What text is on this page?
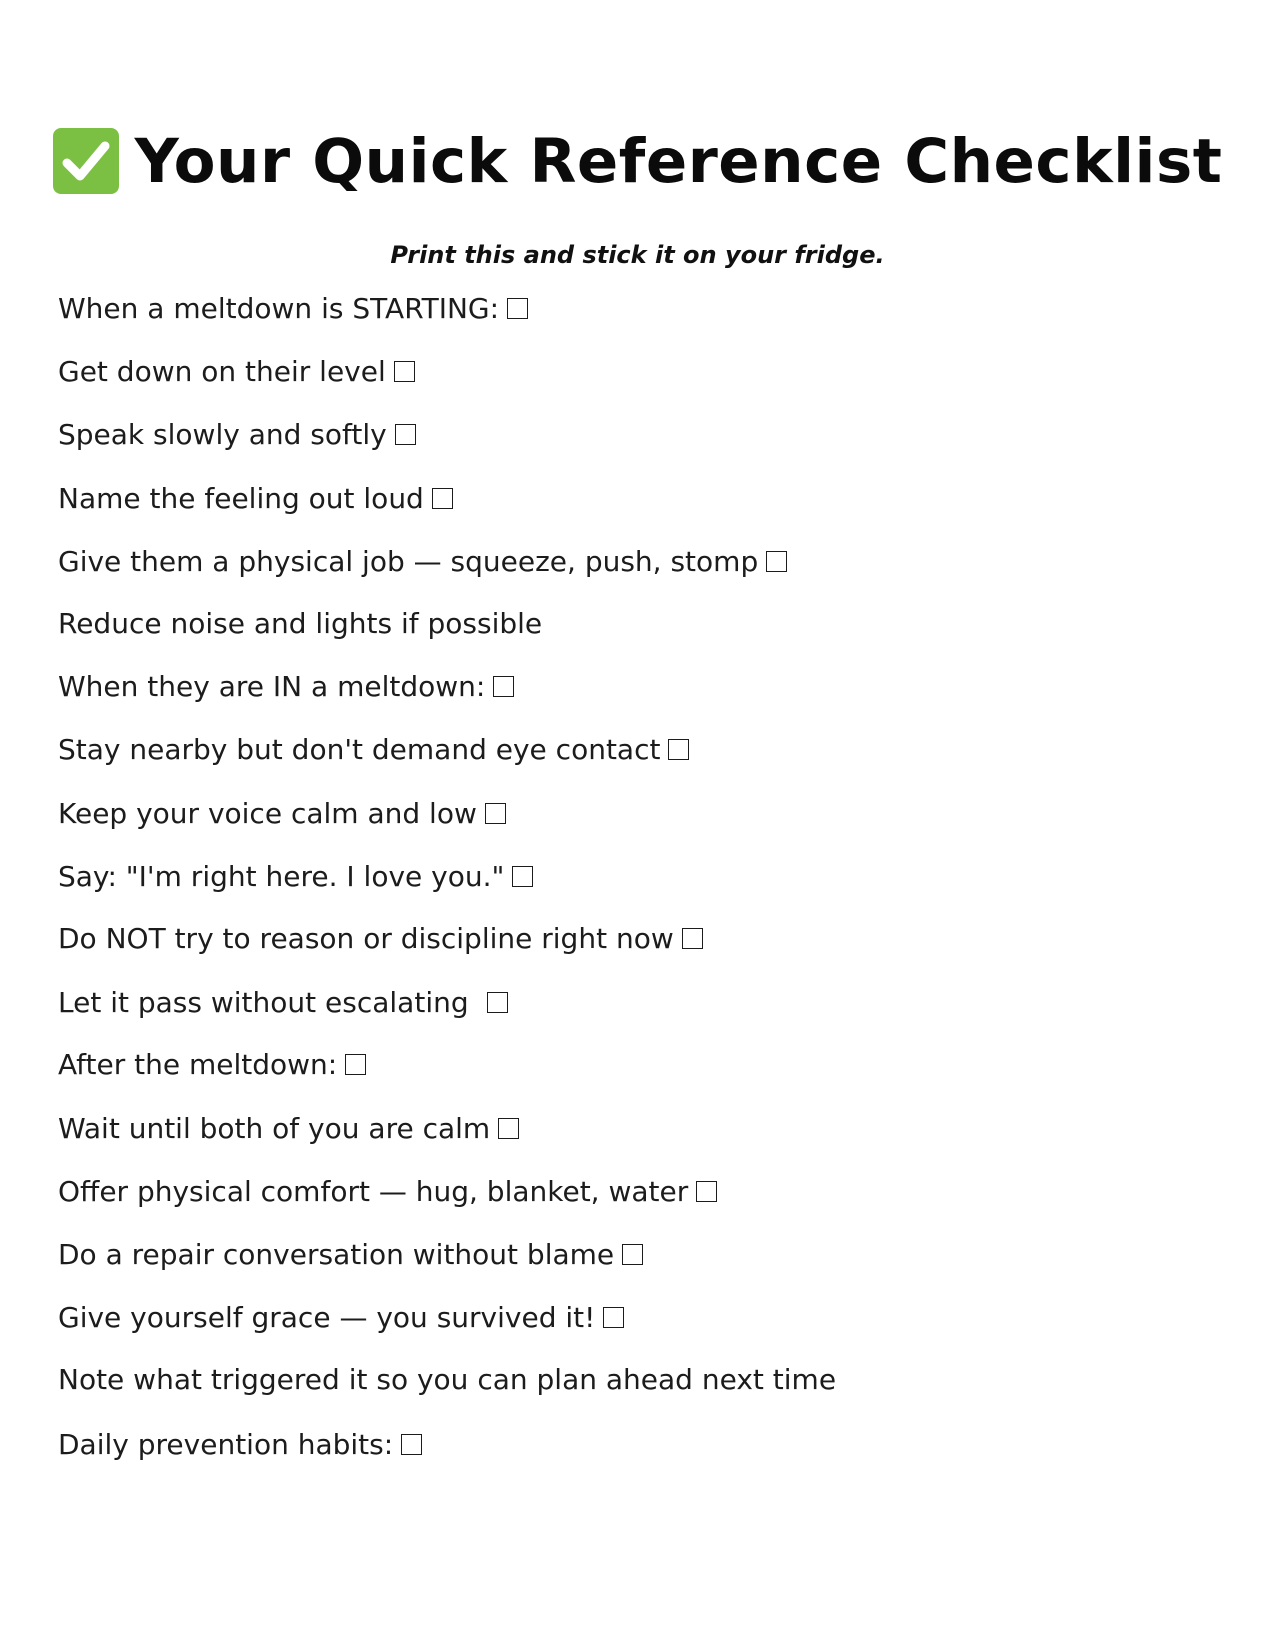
Your Quick Reference Checklist
Print this and stick it on your fridge.
When a meltdown is STARTING:
Get down on their level
Speak slowly and softly
Name the feeling out loud
Give them a physical job — squeeze, push, stomp
Reduce noise and lights if possible
When they are IN a meltdown:
Stay nearby but don't demand eye contact
Keep your voice calm and low
Say: "I'm right here. I love you."
Do NOT try to reason or discipline right now
Let it pass without escalating
After the meltdown:
Wait until both of you are calm
Offer physical comfort — hug, blanket, water
Do a repair conversation without blame
Give yourself grace — you survived it!
Note what triggered it so you can plan ahead next time
Daily prevention habits:
